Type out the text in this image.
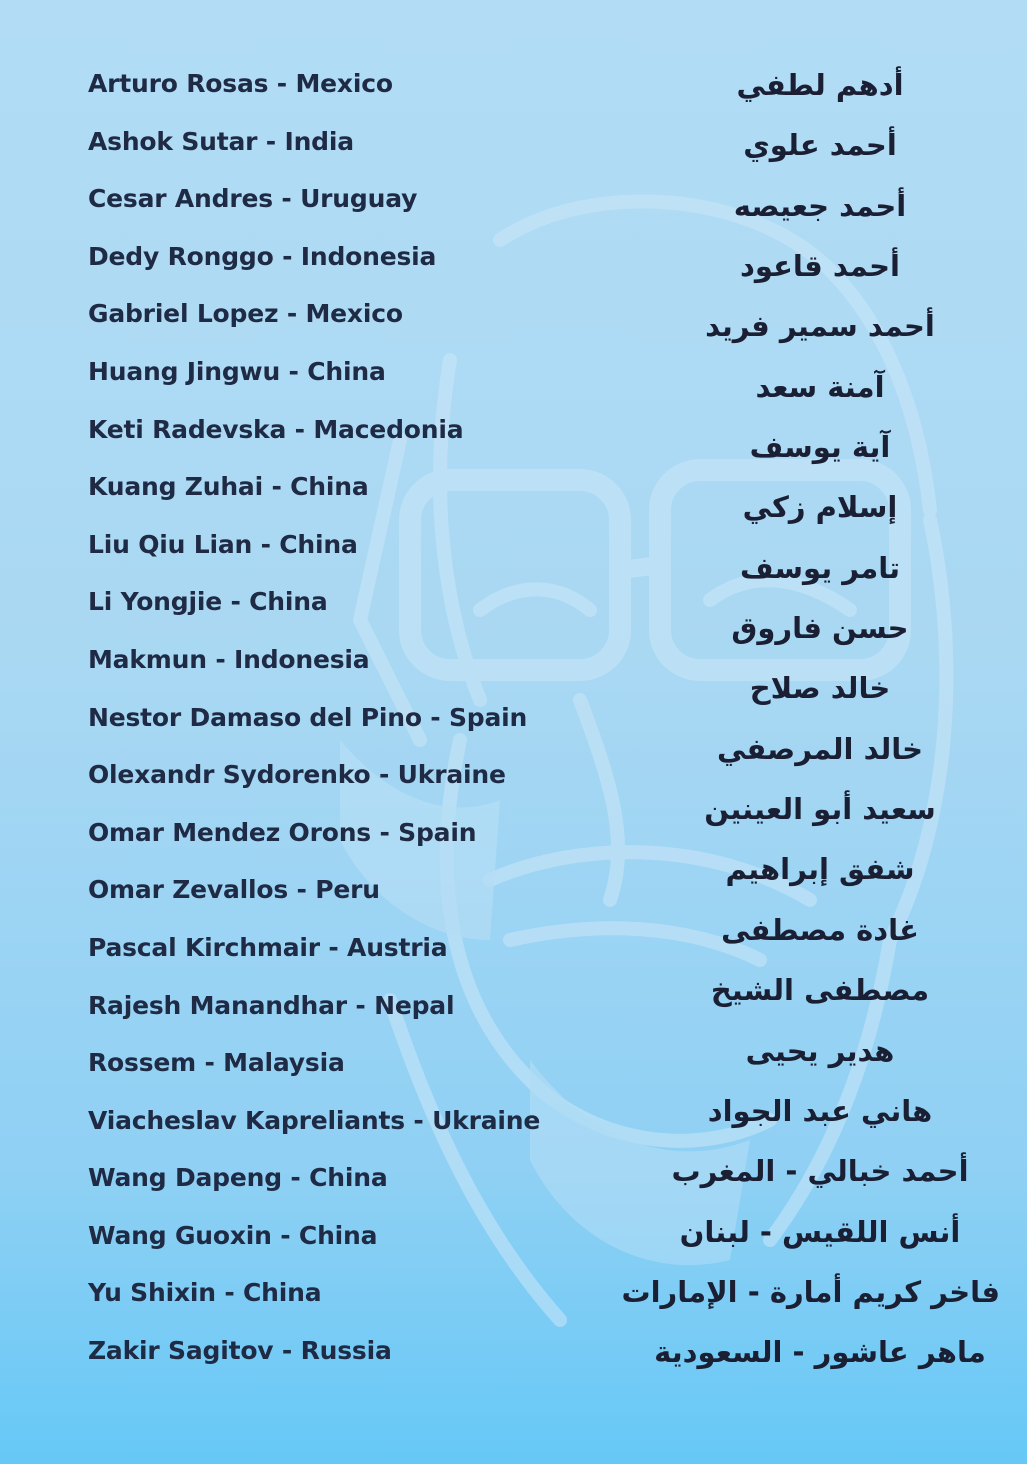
Arturo Rosas - Mexico
Ashok Sutar - India
Cesar Andres - Uruguay
Dedy Ronggo - Indonesia
Gabriel Lopez - Mexico
Huang Jingwu - China
Keti Radevska - Macedonia
Kuang Zuhai - China
Liu Qiu Lian - China
Li Yongjie - China
Makmun - Indonesia
Nestor Damaso del Pino - Spain
Olexandr Sydorenko - Ukraine
Omar Mendez Orons - Spain
Omar Zevallos - Peru
Pascal Kirchmair - Austria
Rajesh Manandhar - Nepal
Rossem - Malaysia
Viacheslav Kapreliants - Ukraine
Wang Dapeng - China
Wang Guoxin - China
Yu Shixin - China
Zakir Sagitov - Russia
أدهم لطفي
أحمد علوي
أحمد جعيصه
أحمد قاعود
أحمد سمير فريد
آمنة سعد
آية يوسف
إسلام زكي
تامر يوسف
حسن فاروق
خالد صلاح
خالد المرصفي
سعيد أبو العينين
شفق إبراهيم
غادة مصطفى
مصطفى الشيخ
هدير يحيى
هاني عبد الجواد
أحمد خبالي - المغرب
أنس اللقيس - لبنان
فاخر كريم أمارة - الإمارات
ماهر عاشور - السعودية
